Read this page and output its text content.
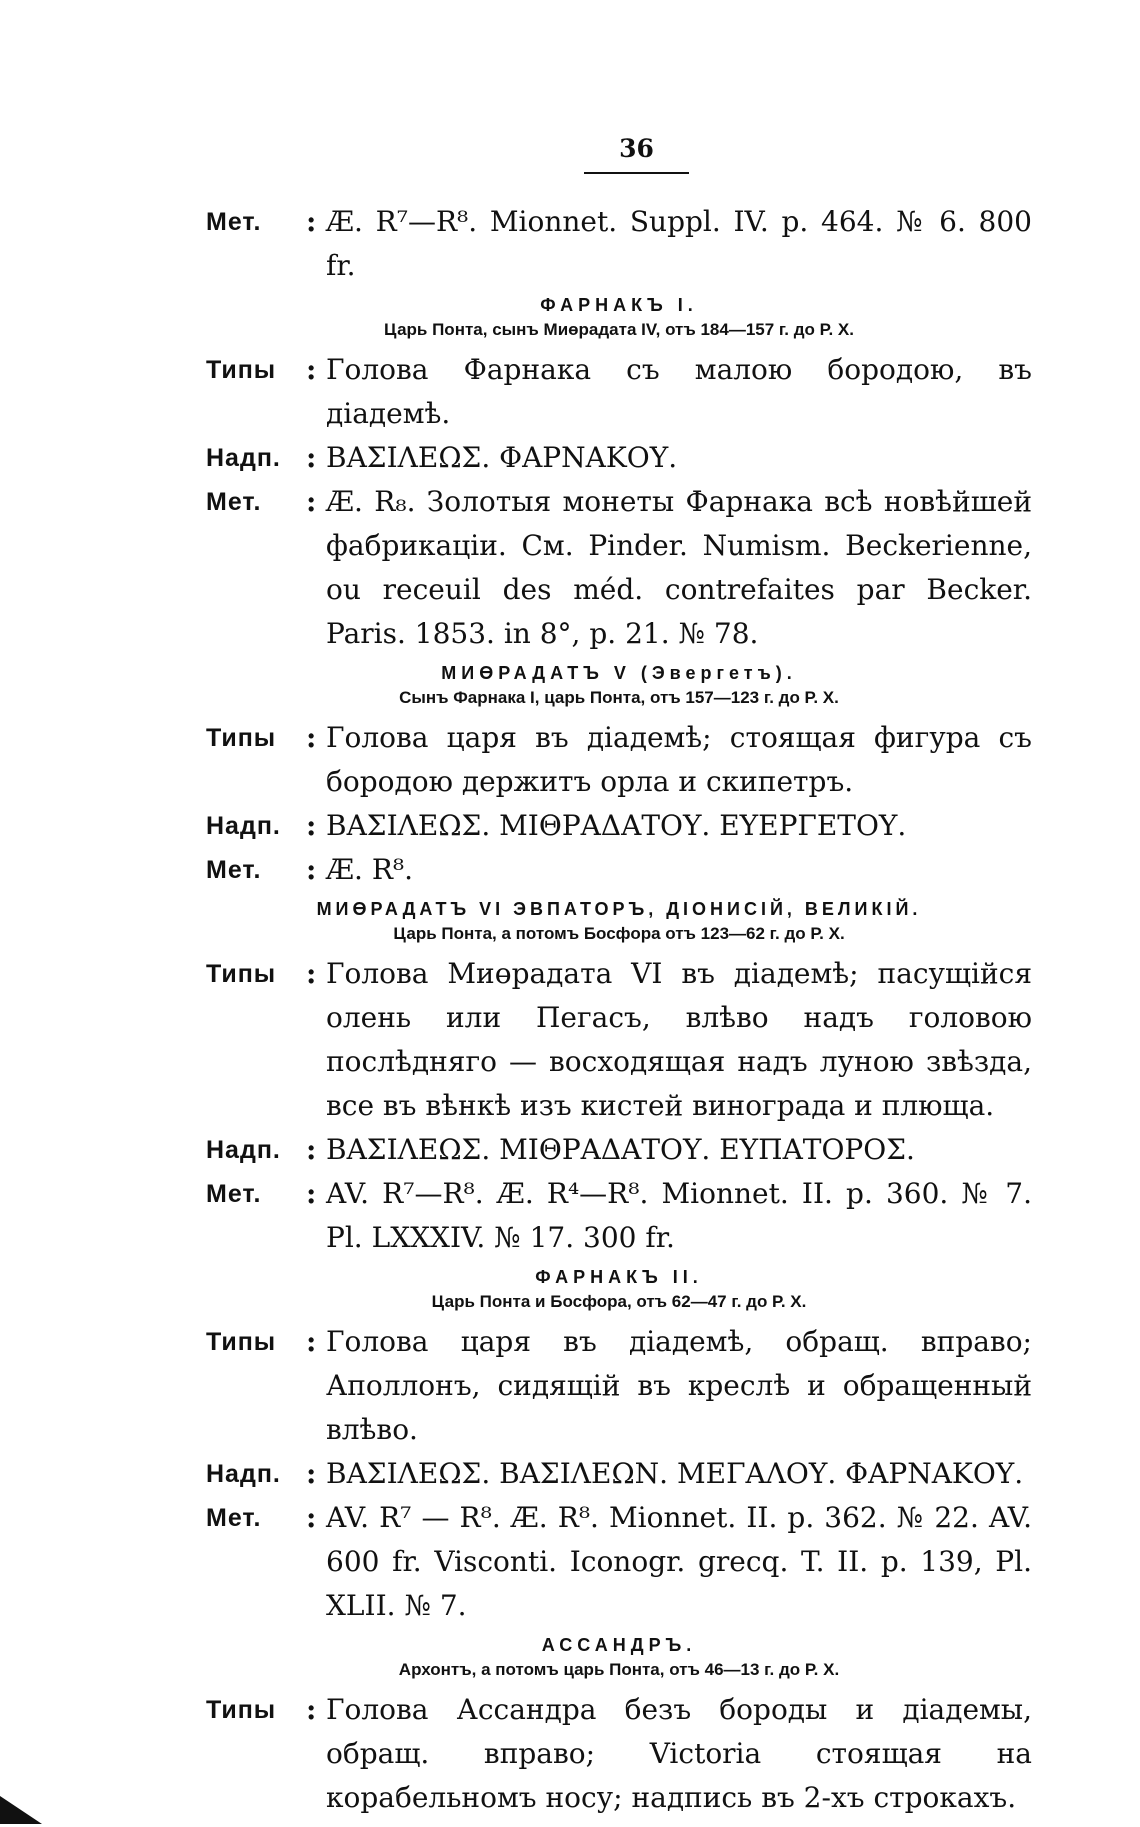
36
Мет.	: Æ. R⁷—R⁸. Mionnet. Suppl. IV. p. 464. № 6. 800 fr.
ФАРНАКЪ I.
Царь Понта, сынъ Миөрадата IV, отъ 184—157 г. до Р. Х.
Типы	: Голова Фарнака съ малою бородою, въ діадемѣ.
Надп. : ΒΑΣΙΛΕΩΣ. ΦΑΡΝΑΚΟΥ.
Мет.	: Æ. R₈. Золотыя монеты Фарнака всѣ новѣйшей фабрикаціи. См. Pinder. Numism. Beckerienne, ou receuil des méd. contrefaites par Becker. Paris. 1853. in 8°, p. 21. № 78.
МИӨРАДАТЪ V (Эвергетъ).
Сынъ Фарнака I, царь Понта, отъ 157—123 г. до Р. Х.
Типы	: Голова царя въ діадемѣ; стоящая фигура съ бородою держитъ орла и скипетръ.
Надп. : ΒΑΣΙΛΕΩΣ. ΜΙΘΡΑΔΑΤΟΥ. ΕΥΕΡΓΕΤΟΥ.
Мет.	: Æ. R⁸.
МИӨРАДАТЪ VI ЭВПАТОРЪ, ДІОНИСІЙ, ВЕЛИКІЙ.
Царь Понта, а потомъ Босфора отъ 123—62 г. до Р. Х.
Типы	: Голова Миөрадата VI въ діадемѣ; пасущійся олень или Пегасъ, влѣво надъ головою послѣдняго — восходящая надъ луною звѣзда, все въ вѣнкѣ изъ кистей винограда и плюща.
Надп. : ΒΑΣΙΛΕΩΣ. ΜΙΘΡΑΔΑΤΟΥ. ΕΥΠΑΤΟΡΟΣ.
Мет.	: AV. R⁷—R⁸. Æ. R⁴—R⁸. Mionnet. II. p. 360. № 7. Pl. LXXXIV. № 17. 300 fr.
ФАРНАКЪ II.
Царь Понта и Босфора, отъ 62—47 г. до Р. Х.
Типы	: Голова царя въ діадемѣ, обращ. вправо; Аполлонъ, сидящій въ креслѣ и обращенный влѣво.
Надп. : ΒΑΣΙΛΕΩΣ. ΒΑΣΙΛΕΩΝ. ΜΕΓΑΛΟΥ. ΦΑΡΝΑΚΟΥ.
Мет.	: AV. R⁷ — R⁸. Æ. R⁸. Mionnet. II. p. 362. № 22. AV. 600 fr. Visconti. Iconogr. grecq. T. II. p. 139, Pl. XLII. № 7.
АССАНДРЪ.
Архонтъ, а потомъ царь Понта, отъ 46—13 г. до Р. Х.
Типы	: Голова Ассандра безъ бороды и діадемы, обращ. вправо; Victoria стоящая на корабельномъ носу; надпись въ 2-хъ строкахъ.
